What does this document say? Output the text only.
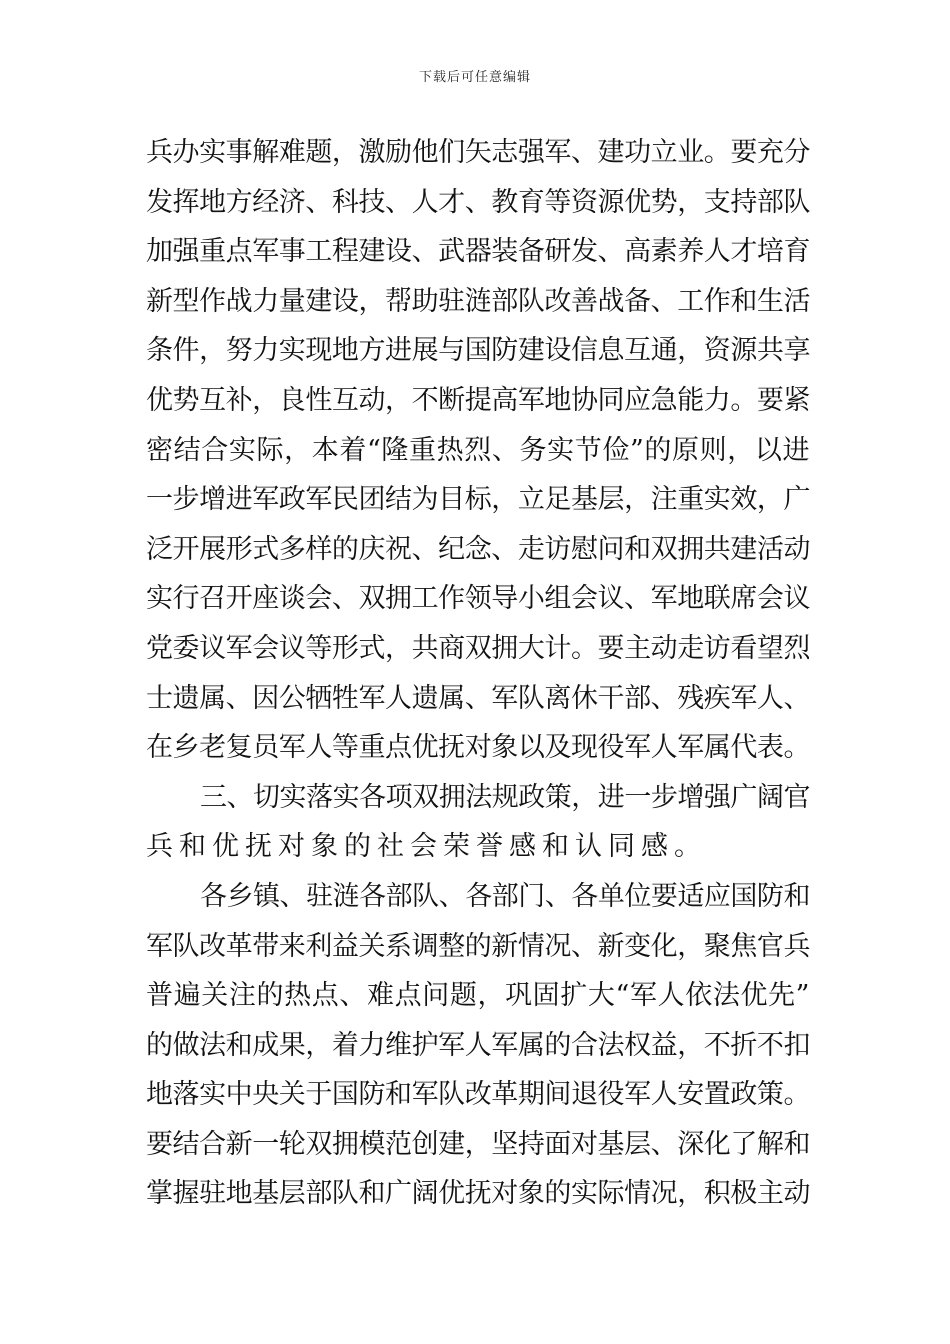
下载后可任意编辑
兵办实事解难题，激励他们矢志强军、建功立业。要充分
发挥地方经济、科技、人才、教育等资源优势，支持部队
加强重点军事工程建设、武器装备研发、高素养人才培育
新型作战力量建设，帮助驻涟部队改善战备、工作和生活
条件，努力实现地方进展与国防建设信息互通，资源共享
优势互补，良性互动，不断提高军地协同应急能力。要紧
密结合实际，本着“隆重热烈、务实节俭”的原则，以进
一步增进军政军民团结为目标，立足基层，注重实效，广
泛开展形式多样的庆祝、纪念、走访慰问和双拥共建活动
实行召开座谈会、双拥工作领导小组会议、军地联席会议
党委议军会议等形式，共商双拥大计。要主动走访看望烈
士遗属、因公牺牲军人遗属、军队离休干部、残疾军人、
在乡老复员军人等重点优抚对象以及现役军人军属代表。
三、切实落实各项双拥法规政策，进一步增强广阔官
兵和优抚对象的社会荣誉感和认同感。
各乡镇、驻涟各部队、各部门、各单位要适应国防和
军队改革带来利益关系调整的新情况、新变化，聚焦官兵
普遍关注的热点、难点问题，巩固扩大“军人依法优先”
的做法和成果，着力维护军人军属的合法权益，不折不扣
地落实中央关于国防和军队改革期间退役军人安置政策。
要结合新一轮双拥模范创建，坚持面对基层、深化了解和
掌握驻地基层部队和广阔优抚对象的实际情况，积极主动
